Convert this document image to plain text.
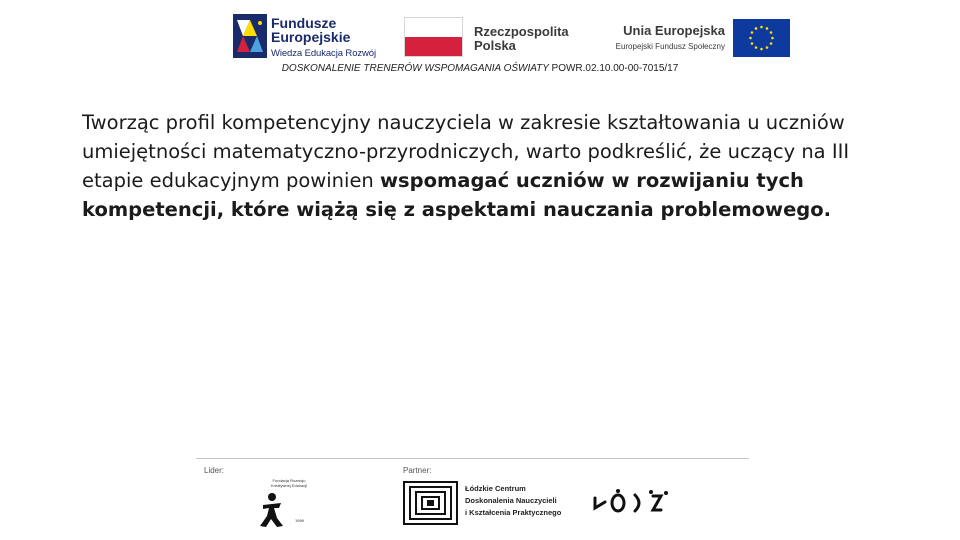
Fundusze
Europejskie
Wiedza Edukacja Rozwój
Rzeczpospolita
Polska
Unia Europejska
Europejski Fundusz Społeczny
DOSKONALENIE TRENERÓW WSPOMAGANIA OŚWIATY POWR.02.10.00-00-7015/17

Tworząc profil kompetencyjny nauczyciela w zakresie kształtowania u uczniów umiejętności matematyczno-przyrodniczych, warto podkreślić, że uczący na III etapie edukacyjnym powinien wspomagać uczniów w rozwijaniu tych kompetencji, które wiążą się z aspektami nauczania problemowego.

Lider:	Partner:
Fundacja Rozwoju Kreatywnej Edukacji
1999
Łódzkie Centrum
Doskonalenia Nauczycieli
i Kształcenia Praktycznego
